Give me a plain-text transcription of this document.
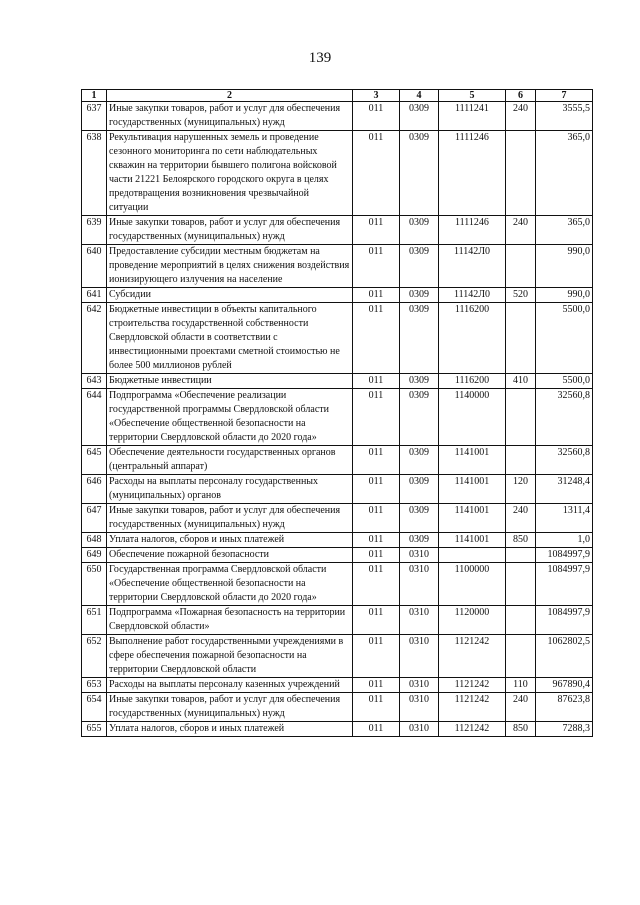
139
1	2	3	4	5	6	7
637	Иные закупки товаров, работ и услуг для обеспечения государственных (муниципальных) нужд	011	0309	1111241	240	3555,5
638	Рекультивация нарушенных земель и проведение сезонного мониторинга по сети наблюдательных скважин на территории бывшего полигона войсковой части 21221 Белоярского городского округа в целях предотвращения возникновения чрезвычайной ситуации	011	0309	1111246		365,0
639	Иные закупки товаров, работ и услуг для обеспечения государственных (муниципальных) нужд	011	0309	1111246	240	365,0
640	Предоставление субсидии местным бюджетам на проведение мероприятий в целях снижения воздействия ионизирующего излучения на население	011	0309	11142Л0		990,0
641	Субсидии	011	0309	11142Л0	520	990,0
642	Бюджетные инвестиции в объекты капитального строительства государственной собственности Свердловской области в соответствии с инвестиционными проектами сметной стоимостью не более 500 миллионов рублей	011	0309	1116200		5500,0
643	Бюджетные инвестиции	011	0309	1116200	410	5500,0
644	Подпрограмма «Обеспечение реализации государственной программы Свердловской области «Обеспечение общественной безопасности на территории Свердловской области до 2020 года»	011	0309	1140000		32560,8
645	Обеспечение деятельности государственных органов (центральный аппарат)	011	0309	1141001		32560,8
646	Расходы на выплаты персоналу государственных (муниципальных) органов	011	0309	1141001	120	31248,4
647	Иные закупки товаров, работ и услуг для обеспечения государственных (муниципальных) нужд	011	0309	1141001	240	1311,4
648	Уплата налогов, сборов и иных платежей	011	0309	1141001	850	1,0
649	Обеспечение пожарной безопасности	011	0310			1084997,9
650	Государственная программа Свердловской области «Обеспечение общественной безопасности на территории Свердловской области до 2020 года»	011	0310	1100000		1084997,9
651	Подпрограмма «Пожарная безопасность на территории Свердловской области»	011	0310	1120000		1084997,9
652	Выполнение работ государственными учреждениями в сфере обеспечения пожарной безопасности на территории Свердловской области	011	0310	1121242		1062802,5
653	Расходы на выплаты персоналу казенных учреждений	011	0310	1121242	110	967890,4
654	Иные закупки товаров, работ и услуг для обеспечения государственных (муниципальных) нужд	011	0310	1121242	240	87623,8
655	Уплата налогов, сборов и иных платежей	011	0310	1121242	850	7288,3
